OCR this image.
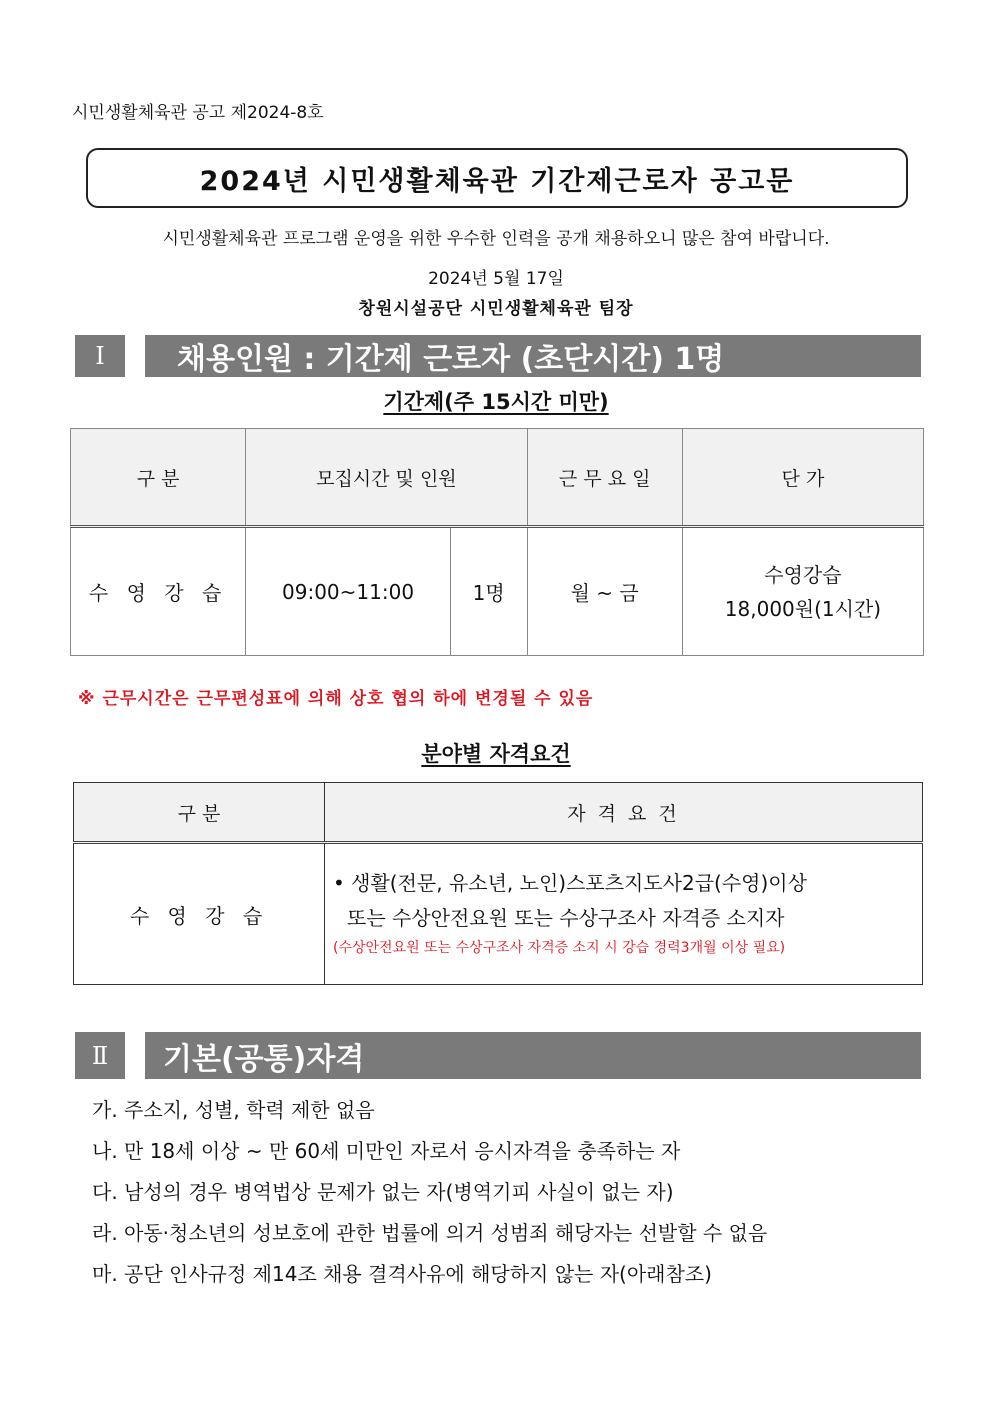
시민생활체육관 공고 제2024-8호
2024년 시민생활체육관 기간제근로자 공고문
시민생활체육관 프로그램 운영을 위한 우수한 인력을 공개 채용하오니 많은 참여 바랍니다.
2024년 5월 17일
창원시설공단 시민생활체육관 팀장
Ⅰ	채용인원 : 기간제 근로자 (초단시간) 1명
기간제(주 15시간 미만)
구 분	모집시간 및 인원		근 무 요 일	단 가
수 영 강 습	09:00~11:00	1명	월 ~ 금	수영강습
18,000원(1시간)
※ 근무시간은 근무편성표에 의해 상호 협의 하에 변경될 수 있음
분야별 자격요건
구 분	자 격 요 건
수 영 강 습	• 생활(전문, 유소년, 노인)스포츠지도사2급(수영)이상
또는 수상안전요원 또는 수상구조사 자격증 소지자
(수상안전요원 또는 수상구조사 자격증 소지 시 강습 경력3개월 이상 필요)
Ⅱ	기본(공통)자격
가. 주소지, 성별, 학력 제한 없음
나. 만 18세 이상 ~ 만 60세 미만인 자로서 응시자격을 충족하는 자
다. 남성의 경우 병역법상 문제가 없는 자(병역기피 사실이 없는 자)
라. 아동·청소년의 성보호에 관한 법률에 의거 성범죄 해당자는 선발할 수 없음
마. 공단 인사규정 제14조 채용 결격사유에 해당하지 않는 자(아래참조)
